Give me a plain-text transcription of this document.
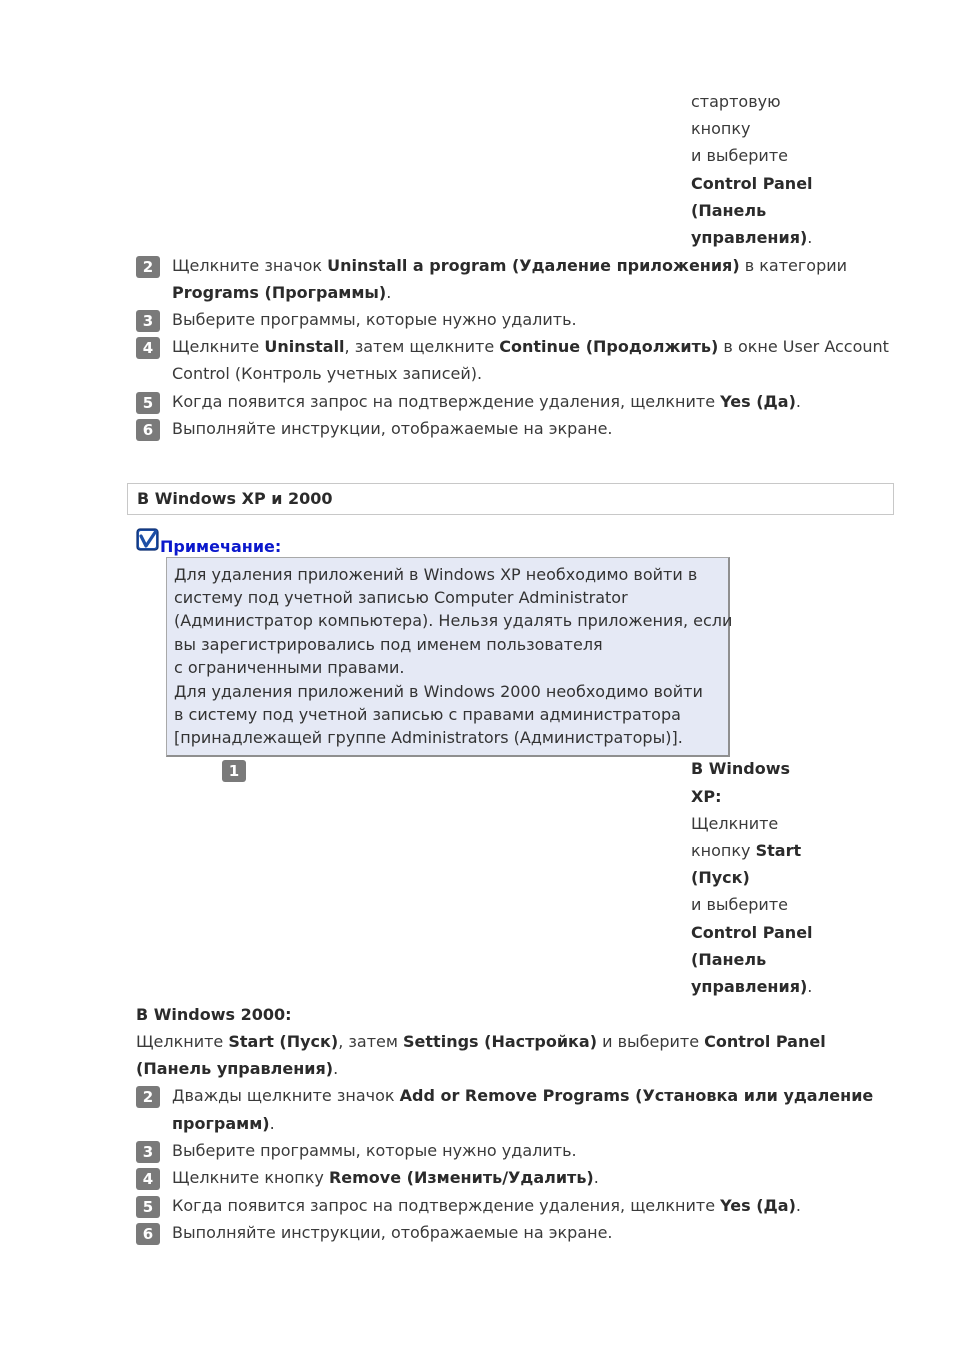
стартовую
кнопку
и выберите
Control Panel
(Панель
управления).
2	Щелкните значок Uninstall a program (Удаление приложения) в категории
Programs (Программы).
3	Выберите программы, которые нужно удалить.
4	Щелкните Uninstall, затем щелкните Continue (Продолжить) в окне User Account
Control (Контроль учетных записей).
5	Когда появится запрос на подтверждение удаления, щелкните Yes (Да).
6	Выполняйте инструкции, отображаемые на экране.
В Windows XP и 2000
Примечание:
Для удаления приложений в Windows XP необходимо войти в
систему под учетной записью Computer Administrator
(Администратор компьютера). Нельзя удалять приложения, если
вы зарегистрировались под именем пользователя
с ограниченными правами.
Для удаления приложений в Windows 2000 необходимо войти
в систему под учетной записью с правами администратора
[принадлежащей группе Administrators (Администраторы)].
1	В Windows
XP:
Щелкните
кнопку Start
(Пуск)
и выберите
Control Panel
(Панель
управления).
В Windows 2000:
Щелкните Start (Пуск), затем Settings (Настройка) и выберите Control Panel
(Панель управления).
2	Дважды щелкните значок Add or Remove Programs (Установка или удаление
программ).
3	Выберите программы, которые нужно удалить.
4	Щелкните кнопку Remove (Изменить/Удалить).
5	Когда появится запрос на подтверждение удаления, щелкните Yes (Да).
6	Выполняйте инструкции, отображаемые на экране.
